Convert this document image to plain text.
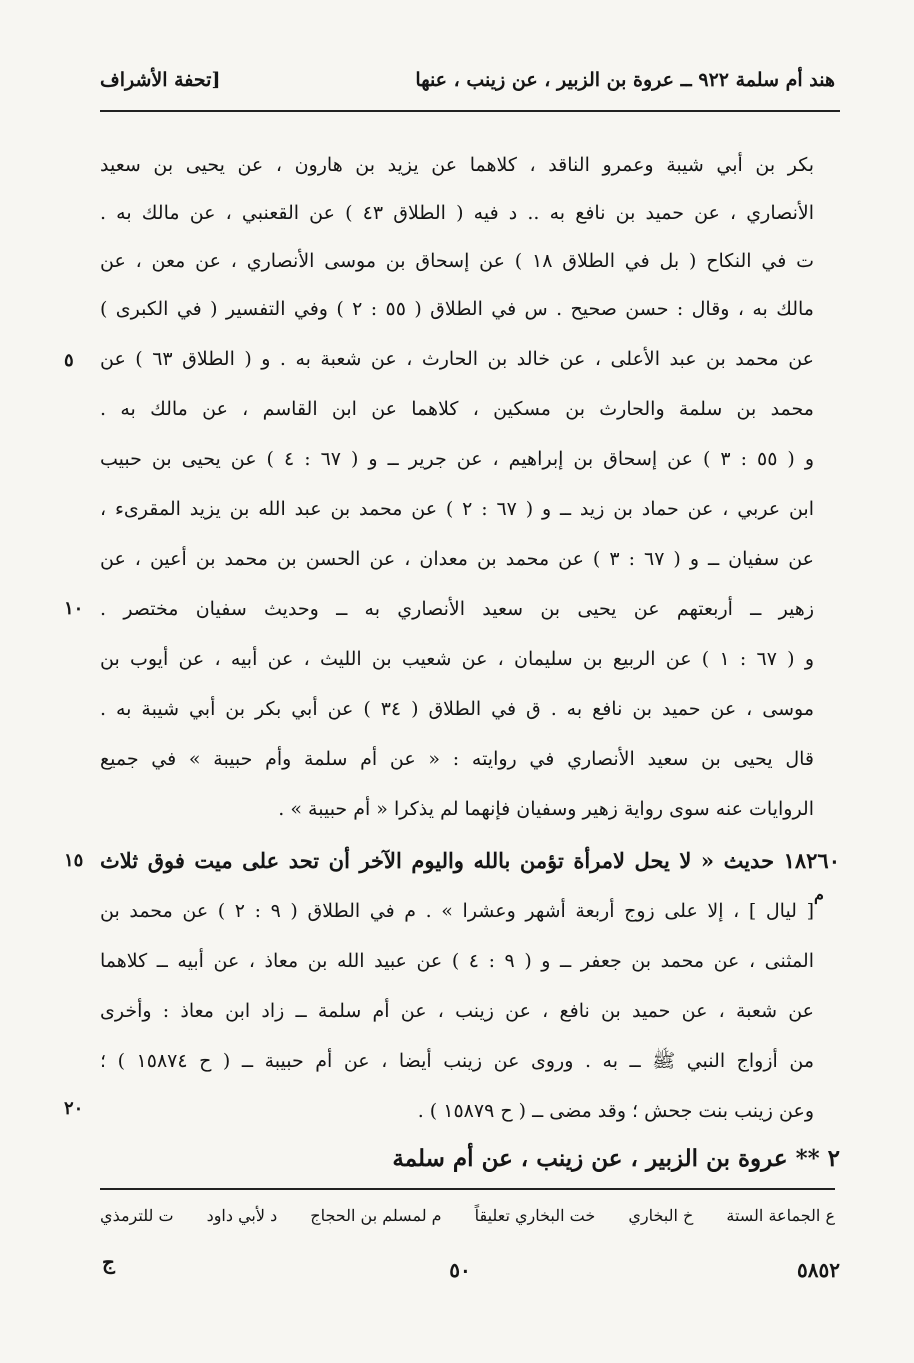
هند أم سلمة ٩٢٢ ــ عروة بن الزبير ، عن زينب ، عنها
[تحفة الأشراف
بكر بن أبي شيبة وعمرو الناقد ، كلاهما عن يزيد بن هارون ، عن يحيى بن سعيد
الأنصاري ، عن حميد بن نافع به .. د فيه ( الطلاق ٤٣ ) عن القعنبي ، عن مالك به .
ت في النكاح ( بل في الطلاق ١٨ ) عن إسحاق بن موسى الأنصاري ، عن معن ، عن
مالك به ، وقال : حسن صحيح . س في الطلاق ( ٥٥ : ٢ ) وفي التفسير ( في الكبرى )
عن محمد بن عبد الأعلى ، عن خالد بن الحارث ، عن شعبة به . و ( الطلاق ٦٣ ) عن
محمد بن سلمة والحارث بن مسكين ، كلاهما عن ابن القاسم ، عن مالك به .
و ( ٥٥ : ٣ ) عن إسحاق بن إبراهيم ، عن جرير ــ و ( ٦٧ : ٤ ) عن يحيى بن حبيب
ابن عربي ، عن حماد بن زيد ــ و ( ٦٧ : ٢ ) عن محمد بن عبد الله بن يزيد المقرىء ،
عن سفيان ــ و ( ٦٧ : ٣ ) عن محمد بن معدان ، عن الحسن بن محمد بن أعين ، عن
زهير ــ أربعتهم عن يحيى بن سعيد الأنصاري به ــ وحديث سفيان مختصر .
و ( ٦٧ : ١ ) عن الربيع بن سليمان ، عن شعيب بن الليث ، عن أبيه ، عن أيوب بن
موسى ، عن حميد بن نافع به . ق في الطلاق ( ٣٤ ) عن أبي بكر بن أبي شيبة به .
قال يحيى بن سعيد الأنصاري في روايته : « عن أم سلمة وأم حبيبة » في جميع
الروايات عنه سوى رواية زهير وسفيان فإنهما لم يذكرا « أم حبيبة » .
١٨٢٦٠ حديث « لا يحل لامرأة تؤمن بالله واليوم الآخر أن تحد على ميت فوق ثلاث
م
[ ليال ] ، إلا على زوج أربعة أشهر وعشرا » . م في الطلاق ( ٩ : ٢ ) عن محمد بن
المثنى ، عن محمد بن جعفر ــ و ( ٩ : ٤ ) عن عبيد الله بن معاذ ، عن أبيه ــ كلاهما
عن شعبة ، عن حميد بن نافع ، عن زينب ، عن أم سلمة ــ زاد ابن معاذ : وأخرى
من أزواج النبي ﷺ ــ به . وروى عن زينب أيضا ، عن أم حبيبة ــ ( ح ١٥٨٧٤ ) ؛
وعن زينب بنت جحش ؛ وقد مضى ــ ( ح ١٥٨٧٩ ) .
٢ ** عروة بن الزبير ، عن زينب ، عن أم سلمة
٥
١٠
١٥
٢٠
ع الجماعة الستة
خ البخاري
خت البخاري تعليقاً
م لمسلم بن الحجاج
د لأبي داود
ت للترمذي
ج	٥٠	٥٨٥٢
